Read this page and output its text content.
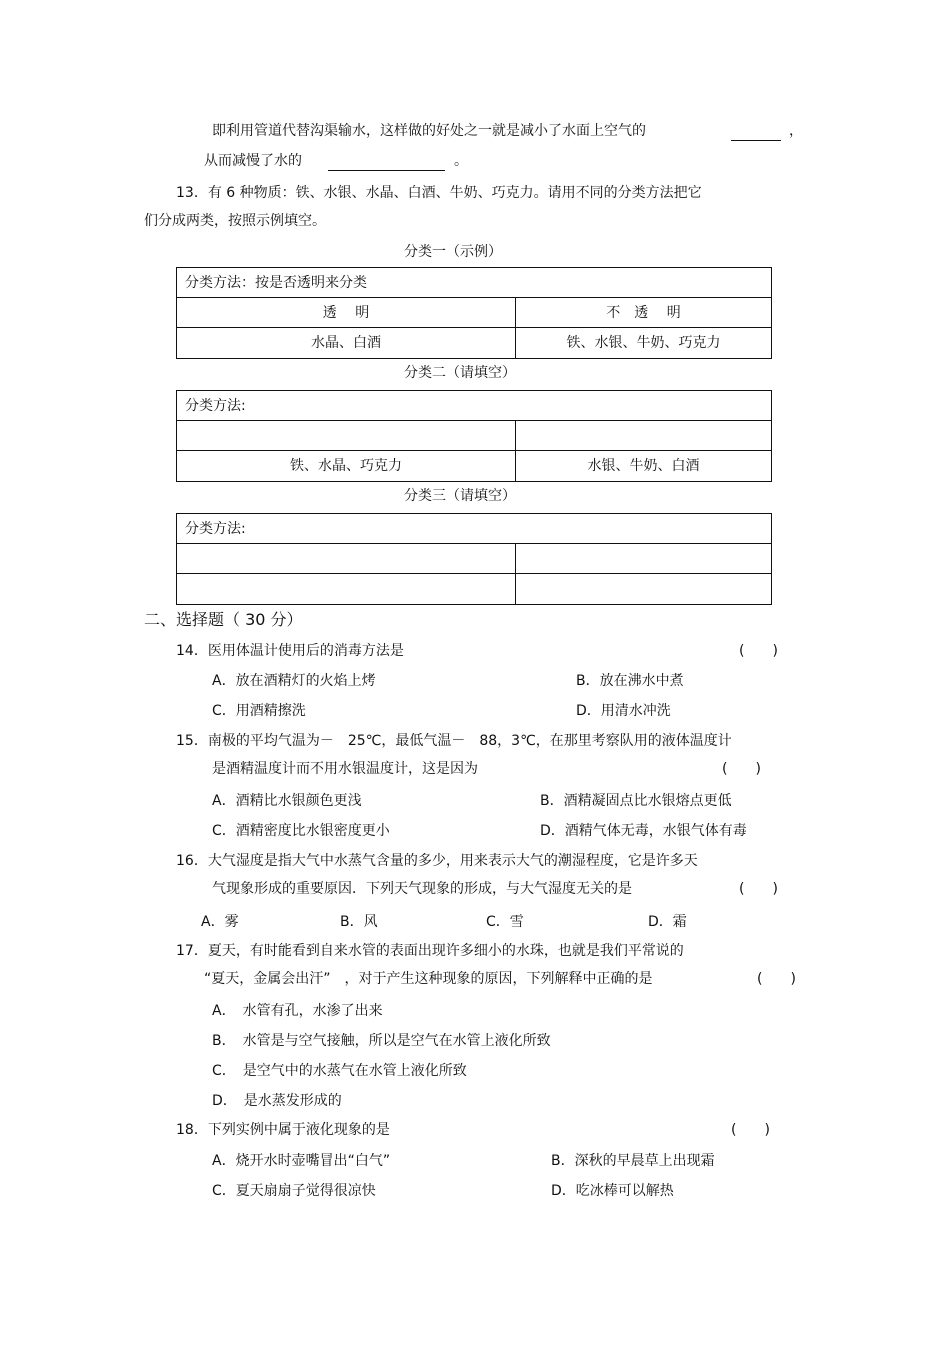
即利用管道代替沟渠输水，这样做的好处之一就是减小了水面上空气的	，
从而减慢了水的	。
13．有 6 种物质：铁、水银、水晶、白酒、牛奶、巧克力。请用不同的分类方法把它
们分成两类，按照示例填空。
分类一（示例）
分类方法：按是否透明来分类
透　 明	不　透　 明
水晶、白酒	铁、水银、牛奶、巧克力
分类二（请填空）
分类方法:
铁、水晶、巧克力	水银、牛奶、白酒
分类三（请填空）
分类方法:
二、选择题（ 30 分）
14．医用体温计使用后的消毒方法是	(　　)
A．放在酒精灯的火焰上烤	B．放在沸水中煮
C．用酒精擦洗	D．用清水冲洗
15．南极的平均气温为－　25℃，最低气温－　88，3℃，在那里考察队用的液体温度计
是酒精温度计而不用水银温度计，这是因为	(　　)
A．酒精比水银颜色更浅	B．酒精凝固点比水银熔点更低
C．酒精密度比水银密度更小	D．酒精气体无毒，水银气体有毒
16．大气湿度是指大气中水蒸气含量的多少，用来表示大气的潮湿程度，它是许多天
气现象形成的重要原因．下列天气现象的形成，与大气湿度无关的是	(　　)
A．雾	B．风	C．雪	D．霜
17．夏天，有时能看到自来水管的表面出现许多细小的水珠，也就是我们平常说的
“夏天，金属会出汗”　，对于产生这种现象的原因，下列解释中正确的是	(　　)
A．　水管有孔，水渗了出来
B．　水管是与空气接触，所以是空气在水管上液化所致
C．　是空气中的水蒸气在水管上液化所致
D．　是水蒸发形成的
18．下列实例中属于液化现象的是	(　　)
A．烧开水时壶嘴冒出“白气”	B．深秋的早晨草上出现霜
C．夏天扇扇子觉得很凉快	D．吃冰棒可以解热
